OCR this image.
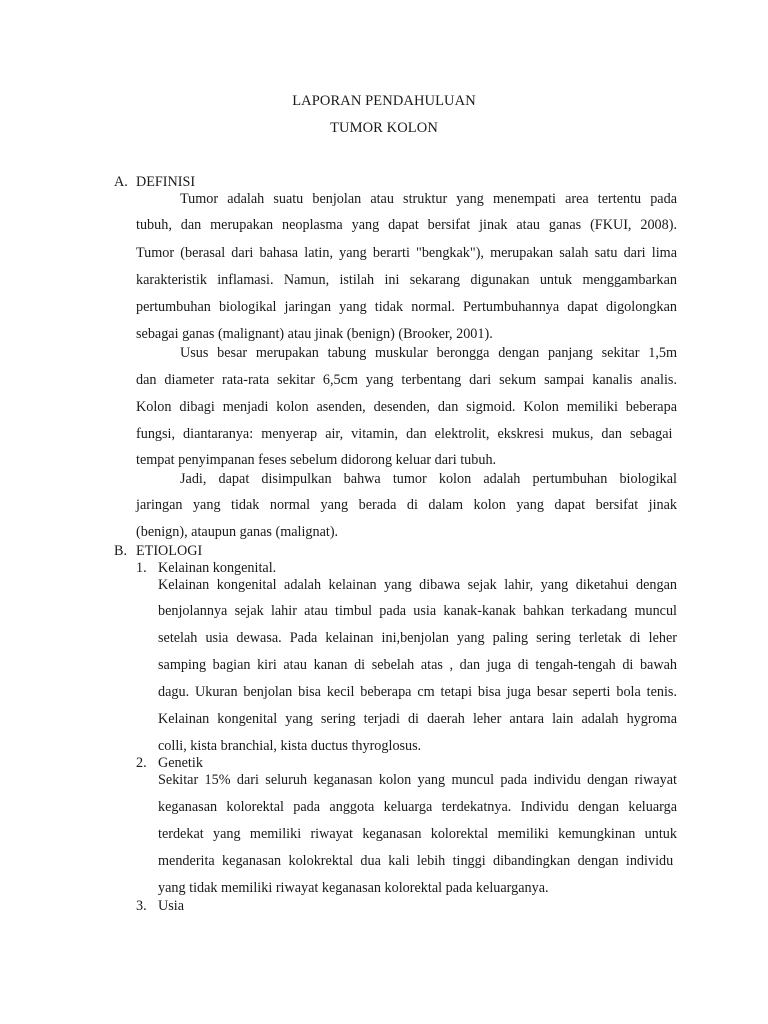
LAPORAN PENDAHULUAN
TUMOR KOLON
A. DEFINISI
Tumor adalah suatu benjolan atau struktur yang menempati area tertentu pada
tubuh, dan merupakan neoplasma yang dapat bersifat jinak atau ganas (FKUI, 2008).
Tumor (berasal dari bahasa latin, yang berarti "bengkak"), merupakan salah satu dari lima
karakteristik inflamasi. Namun, istilah ini sekarang digunakan untuk menggambarkan
pertumbuhan biologikal jaringan yang tidak normal. Pertumbuhannya dapat digolongkan
sebagai ganas (malignant) atau jinak (benign) (Brooker, 2001).
Usus besar merupakan tabung muskular berongga dengan panjang sekitar 1,5m
dan diameter rata-rata sekitar 6,5cm yang terbentang dari sekum sampai kanalis analis.
Kolon dibagi menjadi kolon asenden, desenden, dan sigmoid. Kolon memiliki beberapa
fungsi, diantaranya: menyerap air, vitamin, dan elektrolit, ekskresi mukus, dan sebagai
tempat penyimpanan feses sebelum didorong keluar dari tubuh.
Jadi, dapat disimpulkan bahwa tumor kolon adalah pertumbuhan biologikal
jaringan yang tidak normal yang berada di dalam kolon yang dapat bersifat jinak
(benign), ataupun ganas (malignat).
B. ETIOLOGI
1. Kelainan kongenital.
Kelainan kongenital adalah kelainan yang dibawa sejak lahir, yang diketahui dengan
benjolannya sejak lahir atau timbul pada usia kanak-kanak bahkan terkadang muncul
setelah usia dewasa. Pada kelainan ini,benjolan yang paling sering terletak di leher
samping bagian kiri atau kanan di sebelah atas , dan juga di tengah-tengah di bawah
dagu. Ukuran benjolan bisa kecil beberapa cm tetapi bisa juga besar seperti bola tenis.
Kelainan kongenital yang sering terjadi di daerah leher antara lain adalah hygroma
colli, kista branchial, kista ductus thyroglosus.
2. Genetik
Sekitar 15% dari seluruh keganasan kolon yang muncul pada individu dengan riwayat
keganasan kolorektal pada anggota keluarga terdekatnya. Individu dengan keluarga
terdekat yang memiliki riwayat keganasan kolorektal memiliki kemungkinan untuk
menderita keganasan kolokrektal dua kali lebih tinggi dibandingkan dengan individu
yang tidak memiliki riwayat keganasan kolorektal pada keluarganya.
3. Usia
